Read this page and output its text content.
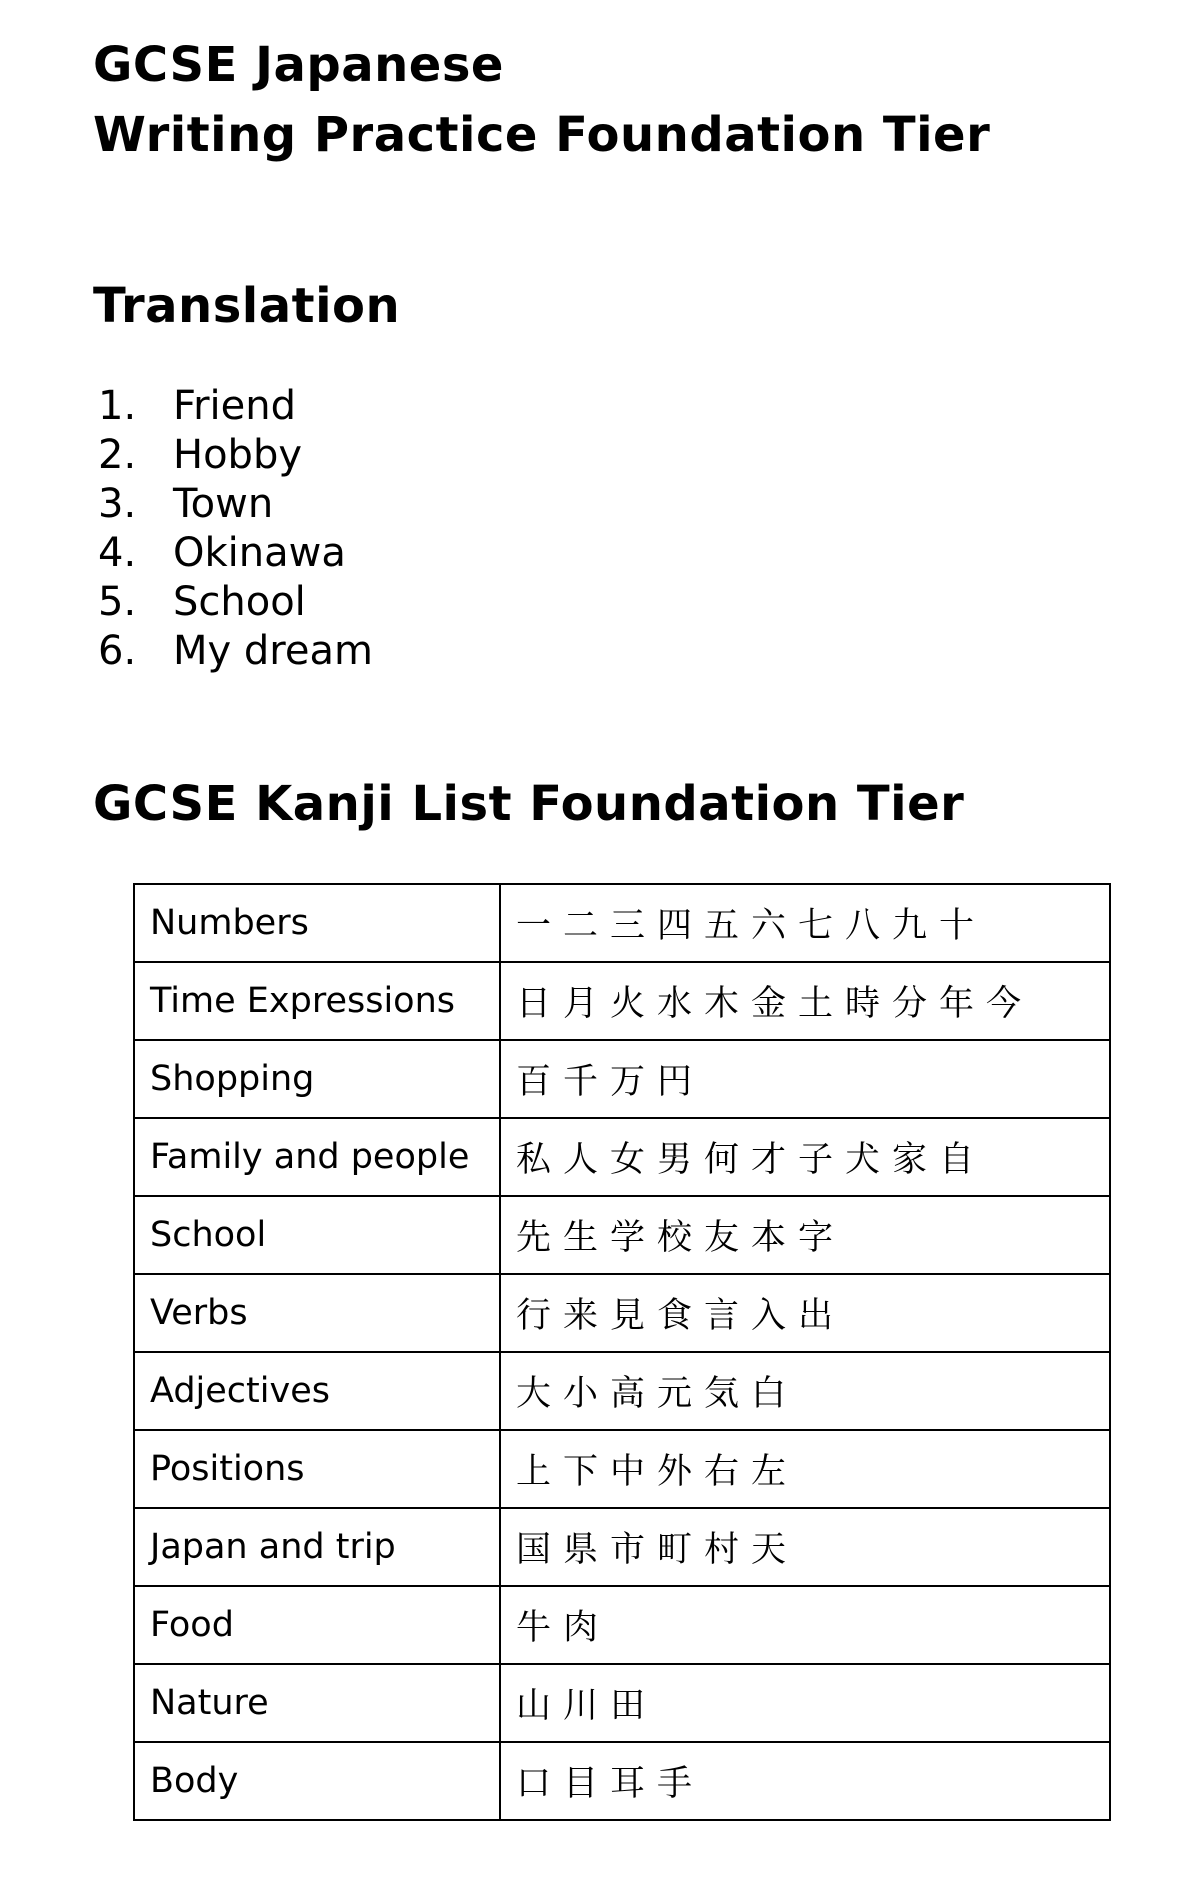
GCSE Japanese
Writing Practice Foundation Tier
Translation
1. Friend
2. Hobby
3. Town
4. Okinawa
5. School
6. My dream
GCSE Kanji List Foundation Tier
Numbers	一二三四五六七八九十
Time Expressions	日月火水木金土時分年今
Shopping	百千万円
Family and people	私人女男何才子犬家自
School	先生学校友本字
Verbs	行来見食言入出
Adjectives	大小高元気白
Positions	上下中外右左
Japan and trip	国県市町村天
Food	牛肉
Nature	山川田
Body	口目耳手
